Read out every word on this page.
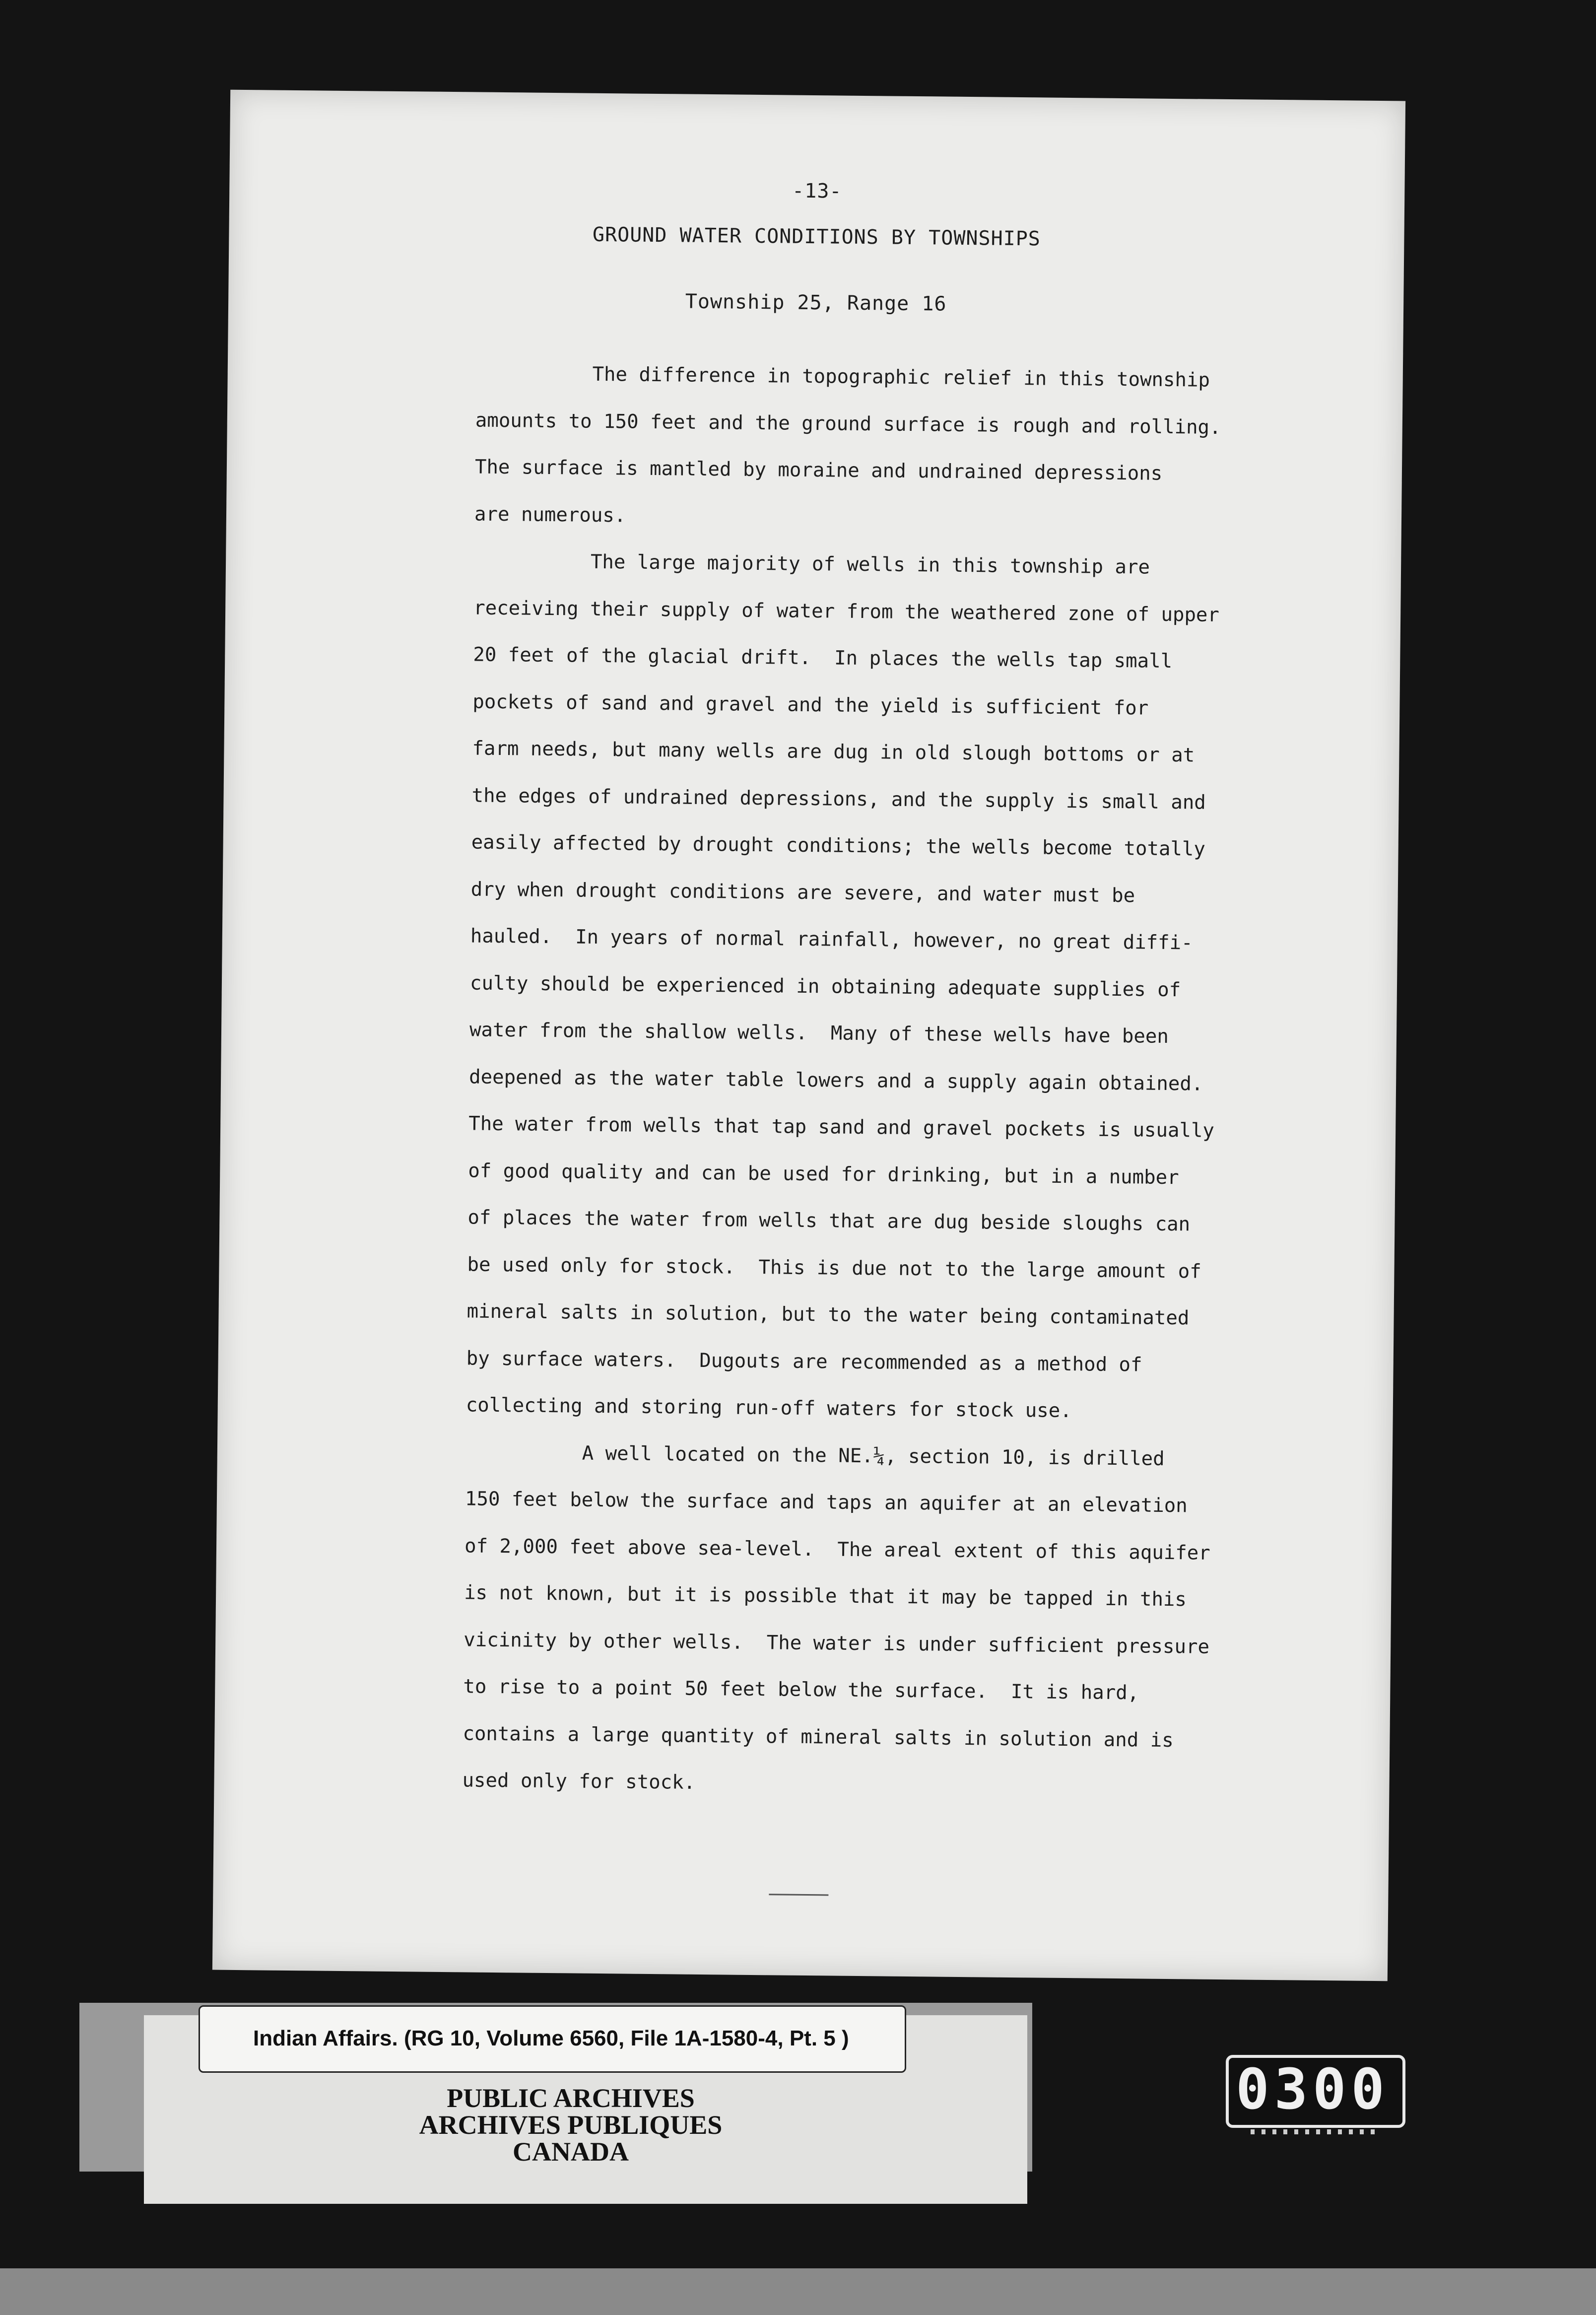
-13-
GROUND WATER CONDITIONS BY TOWNSHIPS
Township 25, Range 16
The difference in topographic relief in this township
amounts to 150 feet and the ground surface is rough and rolling.
The surface is mantled by moraine and undrained depressions
are numerous.
The large majority of wells in this township are
receiving their supply of water from the weathered zone of upper
20 feet of the glacial drift.  In places the wells tap small
pockets of sand and gravel and the yield is sufficient for
farm needs, but many wells are dug in old slough bottoms or at
the edges of undrained depressions, and the supply is small and
easily affected by drought conditions; the wells become totally
dry when drought conditions are severe, and water must be
hauled.  In years of normal rainfall, however, no great diffi-
culty should be experienced in obtaining adequate supplies of
water from the shallow wells.  Many of these wells have been
deepened as the water table lowers and a supply again obtained.
The water from wells that tap sand and gravel pockets is usually
of good quality and can be used for drinking, but in a number
of places the water from wells that are dug beside sloughs can
be used only for stock.  This is due not to the large amount of
mineral salts in solution, but to the water being contaminated
by surface waters.  Dugouts are recommended as a method of
collecting and storing run-off waters for stock use.
A well located on the NE.¼, section 10, is drilled
150 feet below the surface and taps an aquifer at an elevation
of 2,000 feet above sea-level.  The areal extent of this aquifer
is not known, but it is possible that it may be tapped in this
vicinity by other wells.  The water is under sufficient pressure
to rise to a point 50 feet below the surface.  It is hard,
contains a large quantity of mineral salts in solution and is
used only for stock.
Indian Affairs. (RG 10, Volume 6560, File 1A-1580-4, Pt. 5 )
PUBLIC ARCHIVES
ARCHIVES PUBLIQUES
CANADA
0300
